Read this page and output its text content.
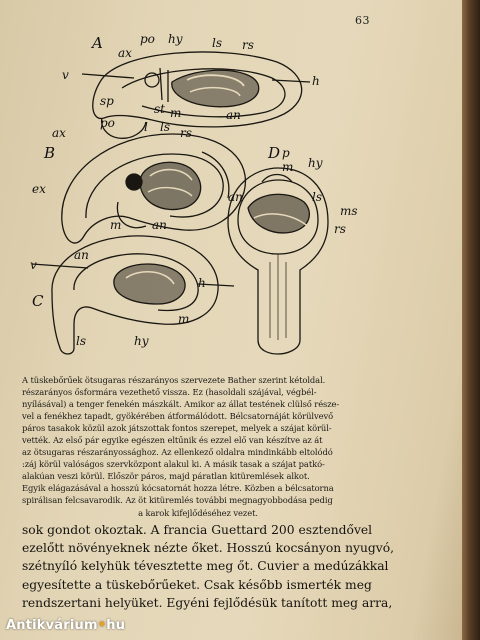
63
A
B
C
D
po hy ls rs
ax
v	h
sp
st m	an
ax
po l ls rs
ex
m	an
an
v
h
m
ls	hy
p
m hy
an	ls
ms
rs
A tüskebőrűek ötsugaras részarányos szervezete Bather szerint kétoldal.
részarányos ősformára vezethető vissza. Ez (hasoldali szájával, végbél-
nyílásával) a tenger fenekén mászkált. Amikor az állat testének clülső része-
vel a fenékhez tapadt, gyökérében átformálódott. Bélcsatornáját körülvevő
páros tasakok közül azok játszottak fontos szerepet, melyek a szájat körül-
vették. Az első pár egyike egészen eltűnik és ezzel elő van készítve az át
az ötsugaras részarányossághoz. Az ellenkező oldalra mindinkább eltolódó
:záj körül valóságos szervközpont alakul ki. A másik tasak a szájat patkó-
alakúan veszi körül. Először páros, majd páratlan kitüremlések alkot.
Egyik elágazásával a hosszú kócsatornát hozza létre. Közben a bélcsatorna
spirálisan felcsavarodik. Az öt kitüremlés további megnagyobbodása pedig
a karok kifejlődéséhez vezet.
sok gondot okoztak. A francia Guettard 200 esztendővel
ezelőtt növényeknek nézte őket. Hosszú kocsányon nyugvó,
szétnyíló kelyhük tévesztette meg őt. Cuvier a medúzákkal
egyesítette a tüskebőrűeket. Csak később ismerték meg
rendszertani helyüket. Egyéni fejlődésük tanított meg arra,
Antikvárium•hu
